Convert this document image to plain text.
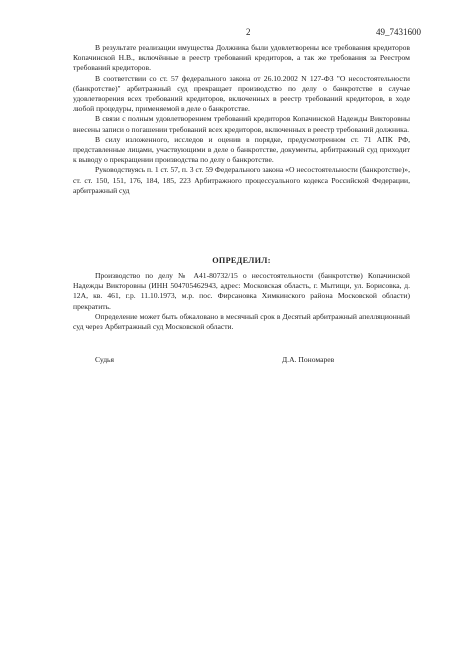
2	49_7431600

В результате реализации имущества Должника были удовлетворены все требования кредиторов Копачинской Н.В., включённые в реестр требований кредиторов, а так же требования за Реестром требований кредиторов.

В соответствии со ст. 57 федерального закона от 26.10.2002 N 127-ФЗ "О несостоятельности (банкротстве)" арбитражный суд прекращает производство по делу о банкротстве в случае удовлетворения всех требований кредиторов, включенных в реестр требований кредиторов, в ходе любой процедуры, применяемой в деле о банкротстве.

В связи с полным удовлетворением требований кредиторов Копачинской Надежды Викторовны внесены записи о погашении требований всех кредиторов, включенных в реестр требований должника.

В силу изложенного, исследов и оценив в порядке, предусмотренном ст. 71 АПК РФ, представленные лицами, участвующими в деле о банкротстве, документы, арбитражный суд приходит к выводу о прекращении производства по делу о банкротстве.

Руководствуясь п. 1 ст. 57, п. 3 ст. 59 Федерального закона «О несостоятельности (банкротстве)», ст. ст. 150, 151, 176, 184, 185, 223 Арбитражного процессуального кодекса Российской Федерации, арбитражный суд

ОПРЕДЕЛИЛ:

Производство по делу № А41-80732/15 о несостоятельности (банкротстве) Копачинской Надежды Викторовны (ИНН 504705462943, адрес: Московская область, г. Мытищи, ул. Борисовка, д. 12А, кв. 461, г.р. 11.10.1973, м.р. пос. Фирсановка Химкинского района Московской области) прекратить.

Определение может быть обжаловано в месячный срок в Десятый арбитражный апелляционный суд через Арбитражный суд Московской области.

Судья	Д.А. Пономарев
